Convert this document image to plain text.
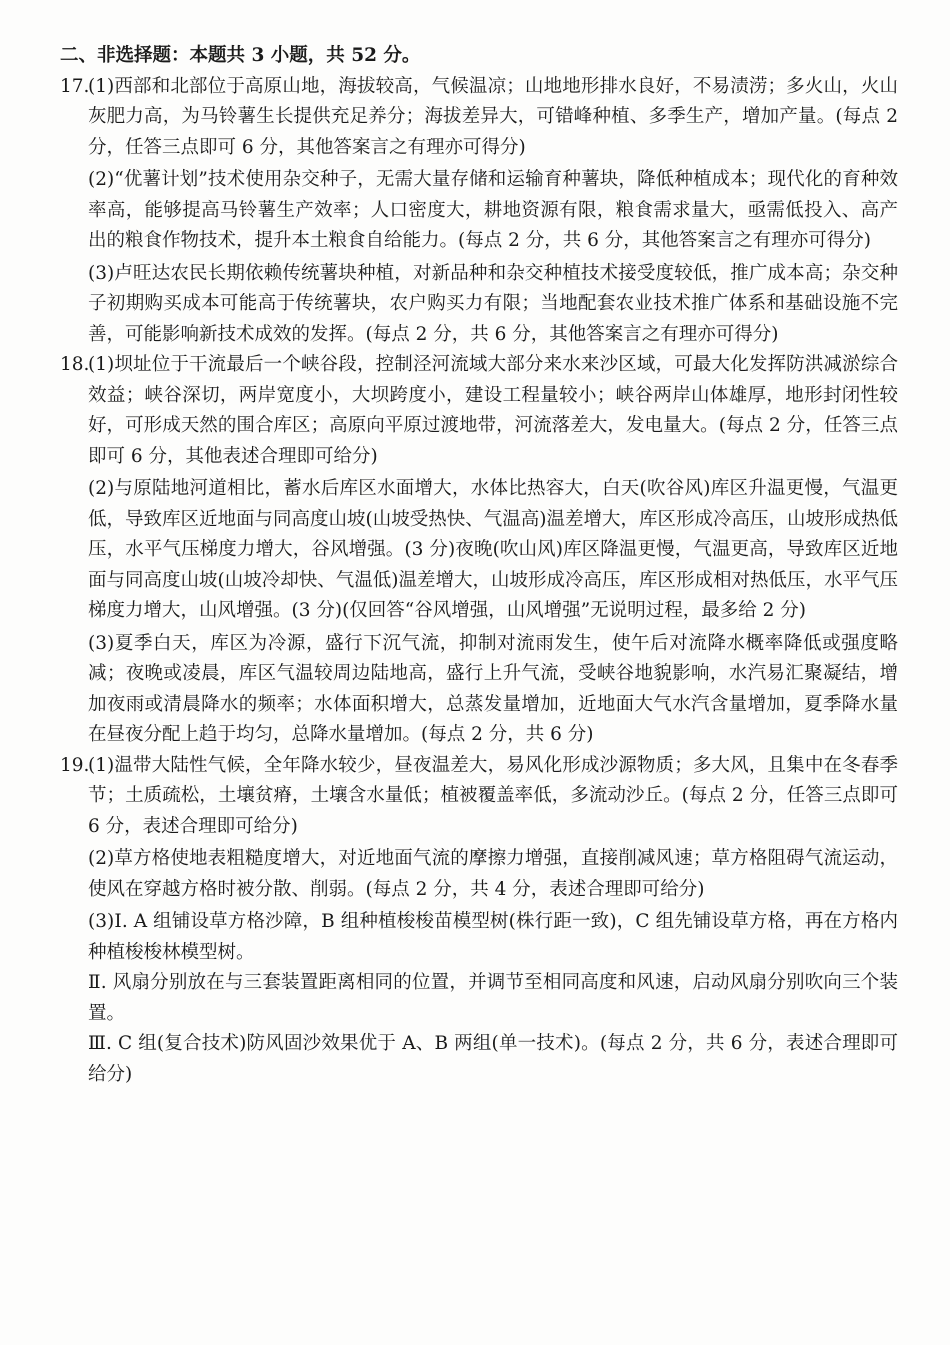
二、非选择题：本题共 3 小题，共 52 分。
17.

(1)西部和北部位于高原山地，海拔较高，气候温凉；山地地形排水良好，不易渍涝；多火山，火山灰肥力高，为马铃薯生长提供充足养分；海拔差异大，可错峰种植、多季生产，增加产量。(每点 2 分，任答三点即可 6 分，其他答案言之有理亦可得分)

(2)“优薯计划”技术使用杂交种子，无需大量存储和运输育种薯块，降低种植成本；现代化的育种效率高，能够提高马铃薯生产效率；人口密度大，耕地资源有限，粮食需求量大，亟需低投入、高产出的粮食作物技术，提升本土粮食自给能力。(每点 2 分，共 6 分，其他答案言之有理亦可得分)

(3)卢旺达农民长期依赖传统薯块种植，对新品种和杂交种植技术接受度较低，推广成本高；杂交种子初期购买成本可能高于传统薯块，农户购买力有限；当地配套农业技术推广体系和基础设施不完善，可能影响新技术成效的发挥。(每点 2 分，共 6 分，其他答案言之有理亦可得分)

18.

(1)坝址位于干流最后一个峡谷段，控制泾河流域大部分来水来沙区域，可最大化发挥防洪减淤综合效益；峡谷深切，两岸宽度小，大坝跨度小，建设工程量较小；峡谷两岸山体雄厚，地形封闭性较好，可形成天然的围合库区；高原向平原过渡地带，河流落差大，发电量大。(每点 2 分，任答三点即可 6 分，其他表述合理即可给分)

(2)与原陆地河道相比，蓄水后库区水面增大，水体比热容大，白天(吹谷风)库区升温更慢，气温更低，导致库区近地面与同高度山坡(山坡受热快、气温高)温差增大，库区形成冷高压，山坡形成热低压，水平气压梯度力增大，谷风增强。(3 分)夜晚(吹山风)库区降温更慢，气温更高，导致库区近地面与同高度山坡(山坡冷却快、气温低)温差增大，山坡形成冷高压，库区形成相对热低压，水平气压梯度力增大，山风增强。(3 分)(仅回答“谷风增强，山风增强”无说明过程，最多给 2 分)

(3)夏季白天，库区为冷源，盛行下沉气流，抑制对流雨发生，使午后对流降水概率降低或强度略减；夜晚或凌晨，库区气温较周边陆地高，盛行上升气流，受峡谷地貌影响，水汽易汇聚凝结，增加夜雨或清晨降水的频率；水体面积增大，总蒸发量增加，近地面大气水汽含量增加，夏季降水量在昼夜分配上趋于均匀，总降水量增加。(每点 2 分，共 6 分)

19.

(1)温带大陆性气候，全年降水较少，昼夜温差大，易风化形成沙源物质；多大风，且集中在冬春季节；土质疏松，土壤贫瘠，土壤含水量低；植被覆盖率低，多流动沙丘。(每点 2 分，任答三点即可 6 分，表述合理即可给分)

(2)草方格使地表粗糙度增大，对近地面气流的摩擦力增强，直接削减风速；草方格阻碍气流运动，使风在穿越方格时被分散、削弱。(每点 2 分，共 4 分，表述合理即可给分)

(3)Ⅰ. A 组铺设草方格沙障，B 组种植梭梭苗模型树(株行距一致)，C 组先铺设草方格，再在方格内种植梭梭林模型树。

Ⅱ. 风扇分别放在与三套装置距离相同的位置，并调节至相同高度和风速，启动风扇分别吹向三个装置。

Ⅲ. C 组(复合技术)防风固沙效果优于 A、B 两组(单一技术)。(每点 2 分，共 6 分，表述合理即可给分)
